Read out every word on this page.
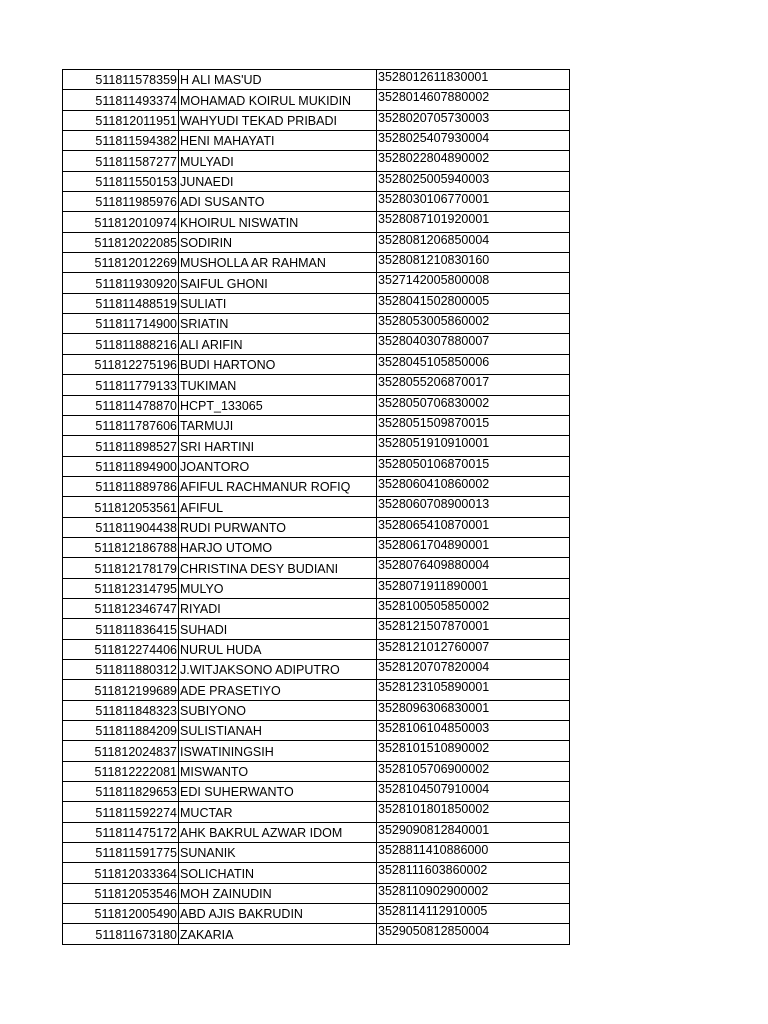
511811578359	H ALI MAS'UD	3528012611830001
511811493374	MOHAMAD KOIRUL MUKIDIN	3528014607880002
511812011951	WAHYUDI TEKAD PRIBADI	3528020705730003
511811594382	HENI MAHAYATI	3528025407930004
511811587277	MULYADI	3528022804890002
511811550153	JUNAEDI	3528025005940003
511811985976	ADI SUSANTO	3528030106770001
511812010974	KHOIRUL NISWATIN	3528087101920001
511812022085	SODIRIN	3528081206850004
511812012269	MUSHOLLA AR RAHMAN	3528081210830160
511811930920	SAIFUL GHONI	3527142005800008
511811488519	SULIATI	3528041502800005
511811714900	SRIATIN	3528053005860002
511811888216	ALI ARIFIN	3528040307880007
511812275196	BUDI HARTONO	3528045105850006
511811779133	TUKIMAN	3528055206870017
511811478870	HCPT_133065	3528050706830002
511811787606	TARMUJI	3528051509870015
511811898527	SRI HARTINI	3528051910910001
511811894900	JOANTORO	3528050106870015
511811889786	AFIFUL RACHMANUR ROFIQ	3528060410860002
511812053561	AFIFUL	3528060708900013
511811904438	RUDI PURWANTO	3528065410870001
511812186788	HARJO UTOMO	3528061704890001
511812178179	CHRISTINA DESY BUDIANI	3528076409880004
511812314795	MULYO	3528071911890001
511812346747	RIYADI	3528100505850002
511811836415	SUHADI	3528121507870001
511812274406	NURUL HUDA	3528121012760007
511811880312	J.WITJAKSONO ADIPUTRO	3528120707820004
511812199689	ADE PRASETIYO	3528123105890001
511811848323	SUBIYONO	3528096306830001
511811884209	SULISTIANAH	3528106104850003
511812024837	ISWATININGSIH	3528101510890002
511812222081	MISWANTO	3528105706900002
511811829653	EDI SUHERWANTO	3528104507910004
511811592274	MUCTAR	3528101801850002
511811475172	AHK BAKRUL AZWAR IDOM	3529090812840001
511811591775	SUNANIK	3528811410886000
511812033364	SOLICHATIN	3528111603860002
511812053546	MOH ZAINUDIN	3528110902900002
511812005490	ABD AJIS BAKRUDIN	3528114112910005
511811673180	ZAKARIA	3529050812850004
